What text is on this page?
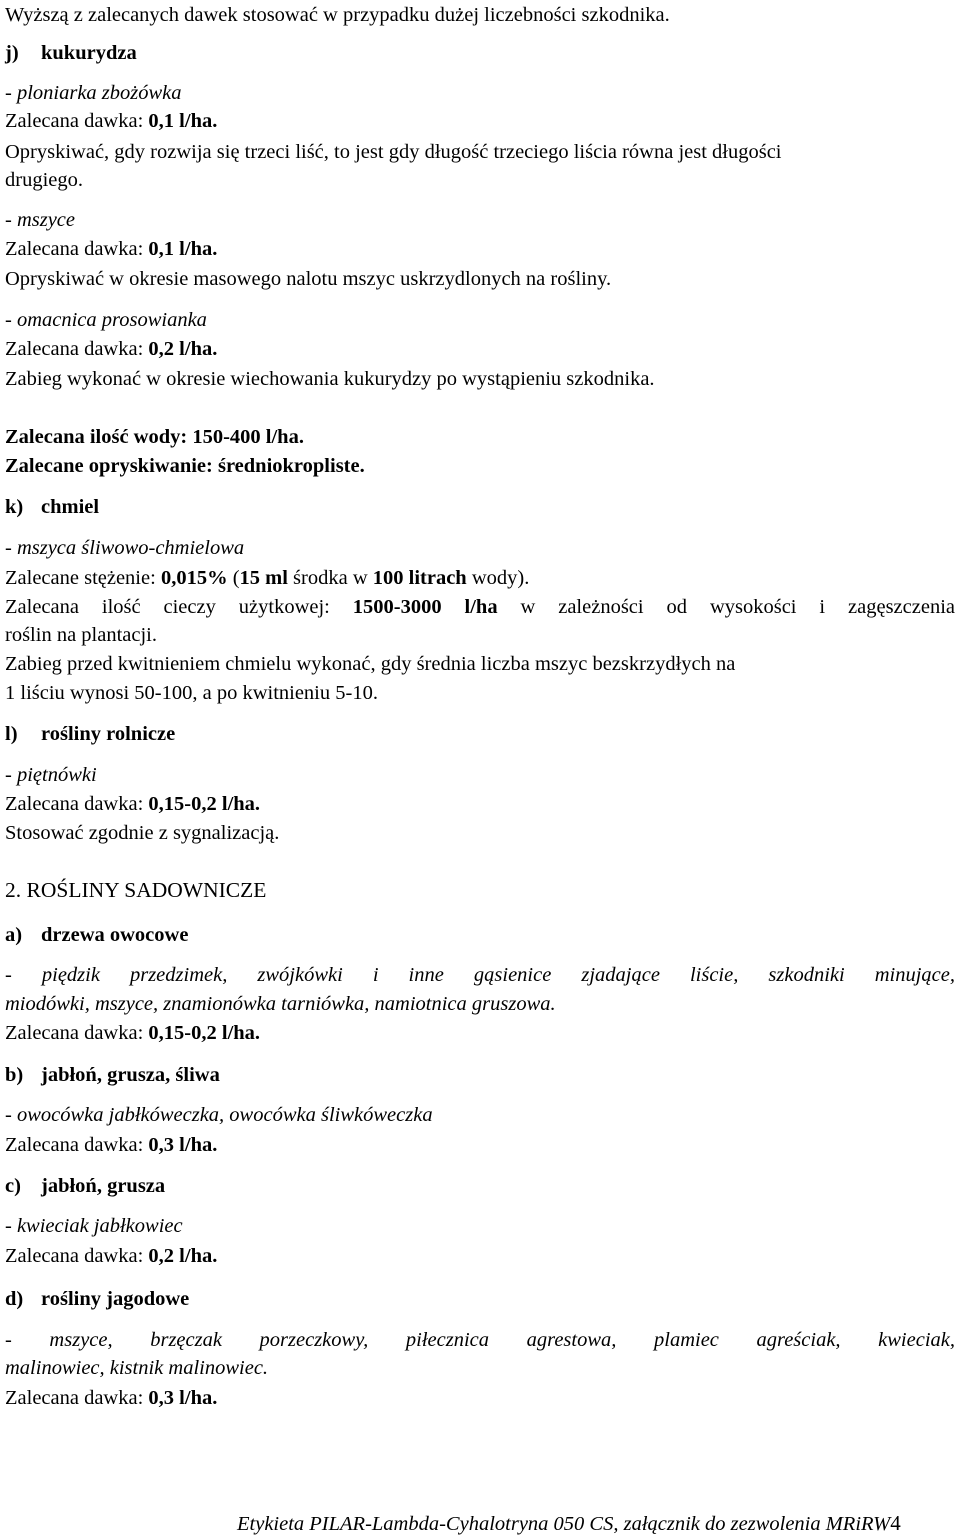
Wyższą z zalecanych dawek stosować w przypadku dużej liczebności szkodnika.
j) kukurydza
- ploniarka zbożówka
Zalecana dawka: 0,1 l/ha.
Opryskiwać, gdy rozwija się trzeci liść, to jest gdy długość trzeciego liścia równa jest długości
drugiego.
- mszyce
Zalecana dawka: 0,1 l/ha.
Opryskiwać w okresie masowego nalotu mszyc uskrzydlonych na rośliny.
- omacnica prosowianka
Zalecana dawka: 0,2 l/ha.
Zabieg wykonać w okresie wiechowania kukurydzy po wystąpieniu szkodnika.
Zalecana ilość wody: 150-400 l/ha.
Zalecane opryskiwanie: średniokropliste.
k) chmiel
- mszyca śliwowo-chmielowa
Zalecane stężenie: 0,015% (15 ml środka w 100 litrach wody).
Zalecana ilość cieczy użytkowej: 1500-3000 l/ha w zależności od wysokości i zagęszczenia
roślin na plantacji.
Zabieg przed kwitnieniem chmielu wykonać, gdy średnia liczba mszyc bezskrzydłych na
1 liściu wynosi 50-100, a po kwitnieniu 5-10.
l) rośliny rolnicze
- piętnówki
Zalecana dawka: 0,15-0,2 l/ha.
Stosować zgodnie z sygnalizacją.
2. ROŚLINY SADOWNICZE
a) drzewa owocowe
- piędzik przedzimek, zwójkówki i inne gąsienice zjadające liście, szkodniki minujące,
miodówki, mszyce, znamionówka tarniówka, namiotnica gruszowa.
Zalecana dawka: 0,15-0,2 l/ha.
b) jabłoń, grusza, śliwa
- owocówka jabłkóweczka, owocówka śliwkóweczka
Zalecana dawka: 0,3 l/ha.
c) jabłoń, grusza
- kwieciak jabłkowiec
Zalecana dawka: 0,2 l/ha.
d) rośliny jagodowe
- mszyce, brzęczak porzeczkowy, piłecznica agrestowa, plamiec agreściak, kwieciak,
malinowiec, kistnik malinowiec.
Zalecana dawka: 0,3 l/ha.
Etykieta PILAR-Lambda-Cyhalotryna 050 CS, załącznik do zezwolenia MRiRW4
